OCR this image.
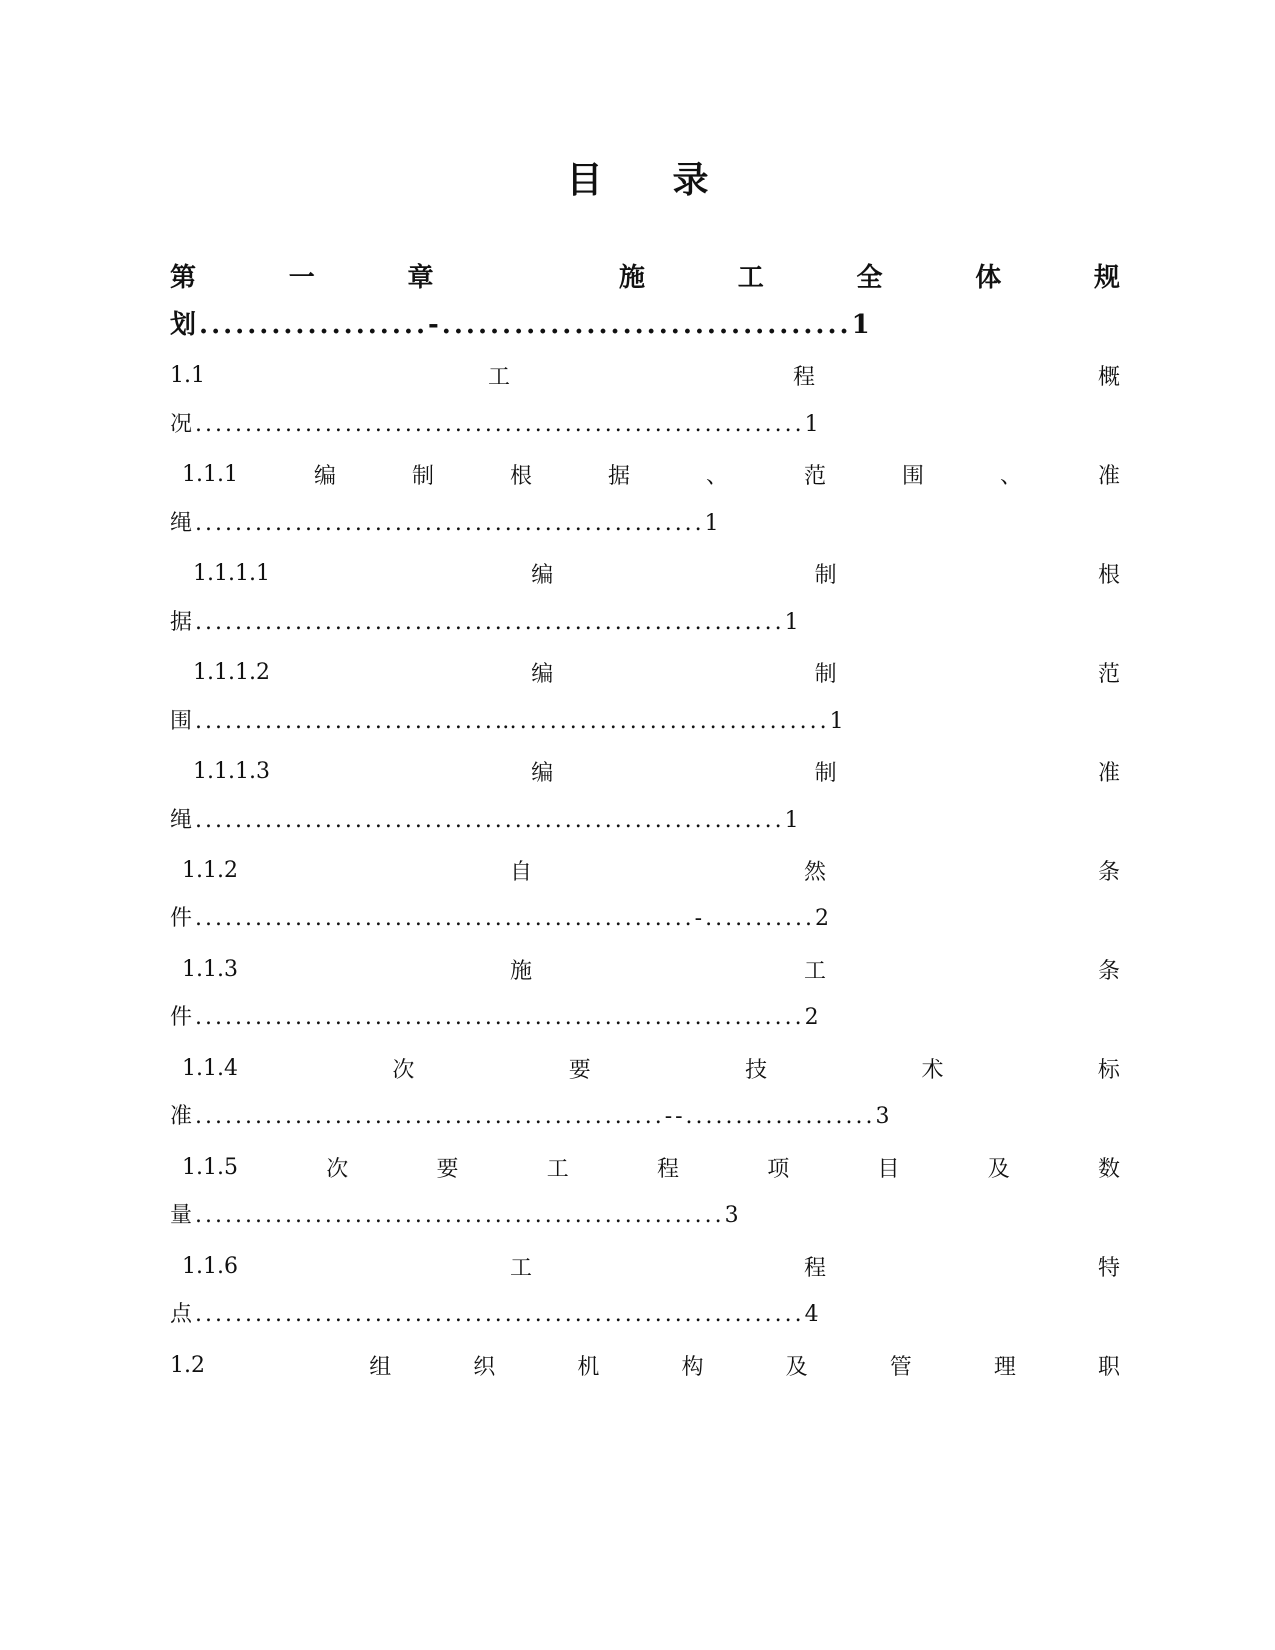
目 录
第	一	章	施	工	全	体	规
划...................-..................................1
1.1	工	程	概
况.............................................................1
1.1.1	编	制	根	据	、	范	围	、	准
绳...................................................1
1.1.1.1	编	制	根
据...........................................................1
1.1.1.2	编	制	范
围..............................…...............................1
1.1.1.3	编	制	准
绳...........................................................1
1.1.2	自	然	条
件..................................................-...........2
1.1.3	施	工	条
件.............................................................2
1.1.4	次	要	技	术	标
准...............................................--...................3
1.1.5	次	要	工	程	项	目	及	数
量.....................................................3
1.1.6	工	程	特
点.............................................................4
1.2	组	织	机	构	及	管	理	职
